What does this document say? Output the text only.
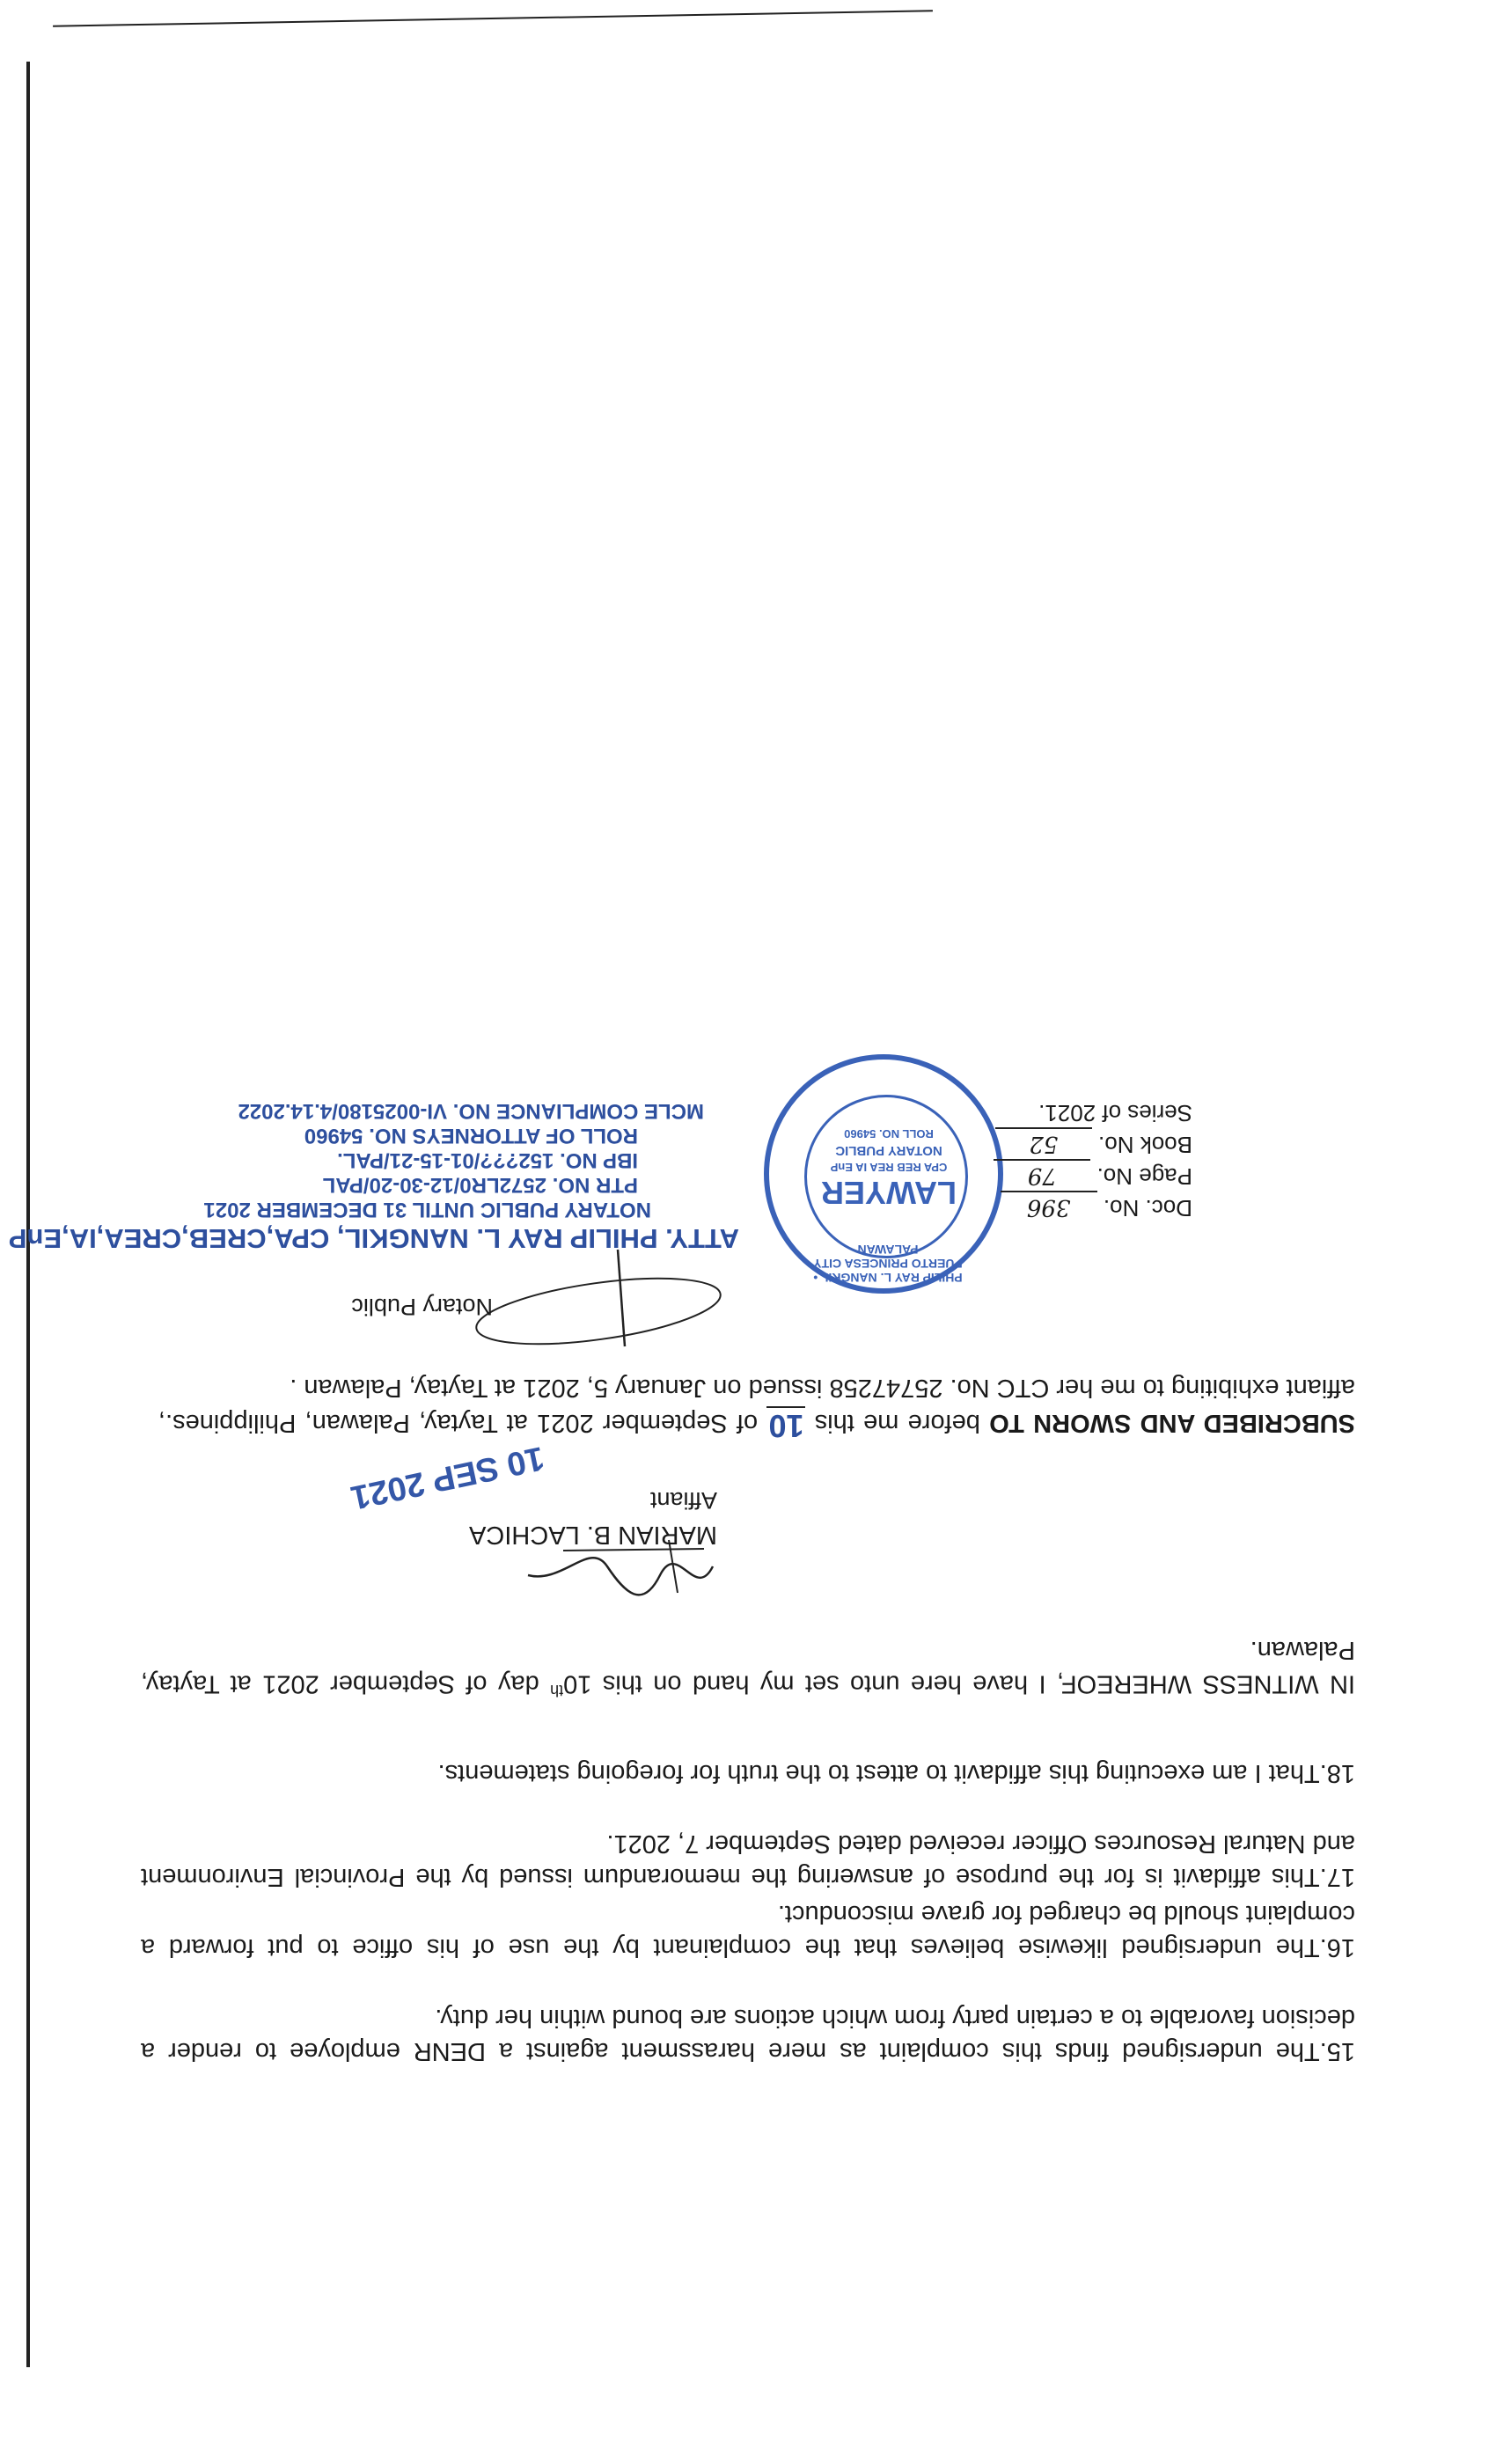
15.The undersigned finds this complaint as mere harassment against a DENR employee to render a decision favorable to a certain party from which actions are bound within her duty.
16.The undersigned likewise believes that the complainant by the use of his office to put forward a complaint should be charged for grave misconduct.
17.This affidavit is for the purpose of answering the memorandum issued by the Provincial Environment and Natural Resources Officer received dated September 7, 2021.
18.That I am executing this affidavit to attest to the truth for foregoing statements.
IN WITNESS WHEREOF, I have here unto set my hand on this 10th day of September 2021 at Taytay, Palawan.
MARIAN B. LACHICA
Affiant
10 SEP 2021
SUBCRIBED AND SWORN TO before me this 10 of September 2021 at Taytay, Palawan, Philippines., affiant exhibiting to me her CTC No. 25747258 issued on January 5, 2021 at Taytay, Palawan .
Notary Public
ATTY. PHILIP RAY L. NANGKIL, CPA,CREB,CREA,IA,EnP
NOTARY PUBLIC UNTIL 31 DECEMBER 2021
PTR NO. 2572LR0/12-30-20/PAL
IBP NO. 152???/01-15-21/PAL.
ROLL OF ATTORNEYS NO. 54960
MCLE COMPLIANCE NO. VI-0025180/4.14.2022
PHILIP RAY L. NANGKIL • PUERTO PRINCESA CITY PALAWAN
LAWYER
CPA REB REA IA EnP
NOTARY PUBLIC
ROLL NO. 54960
Doc. No. 396
Page No. 79
Book No. 52
Series of 2021.
